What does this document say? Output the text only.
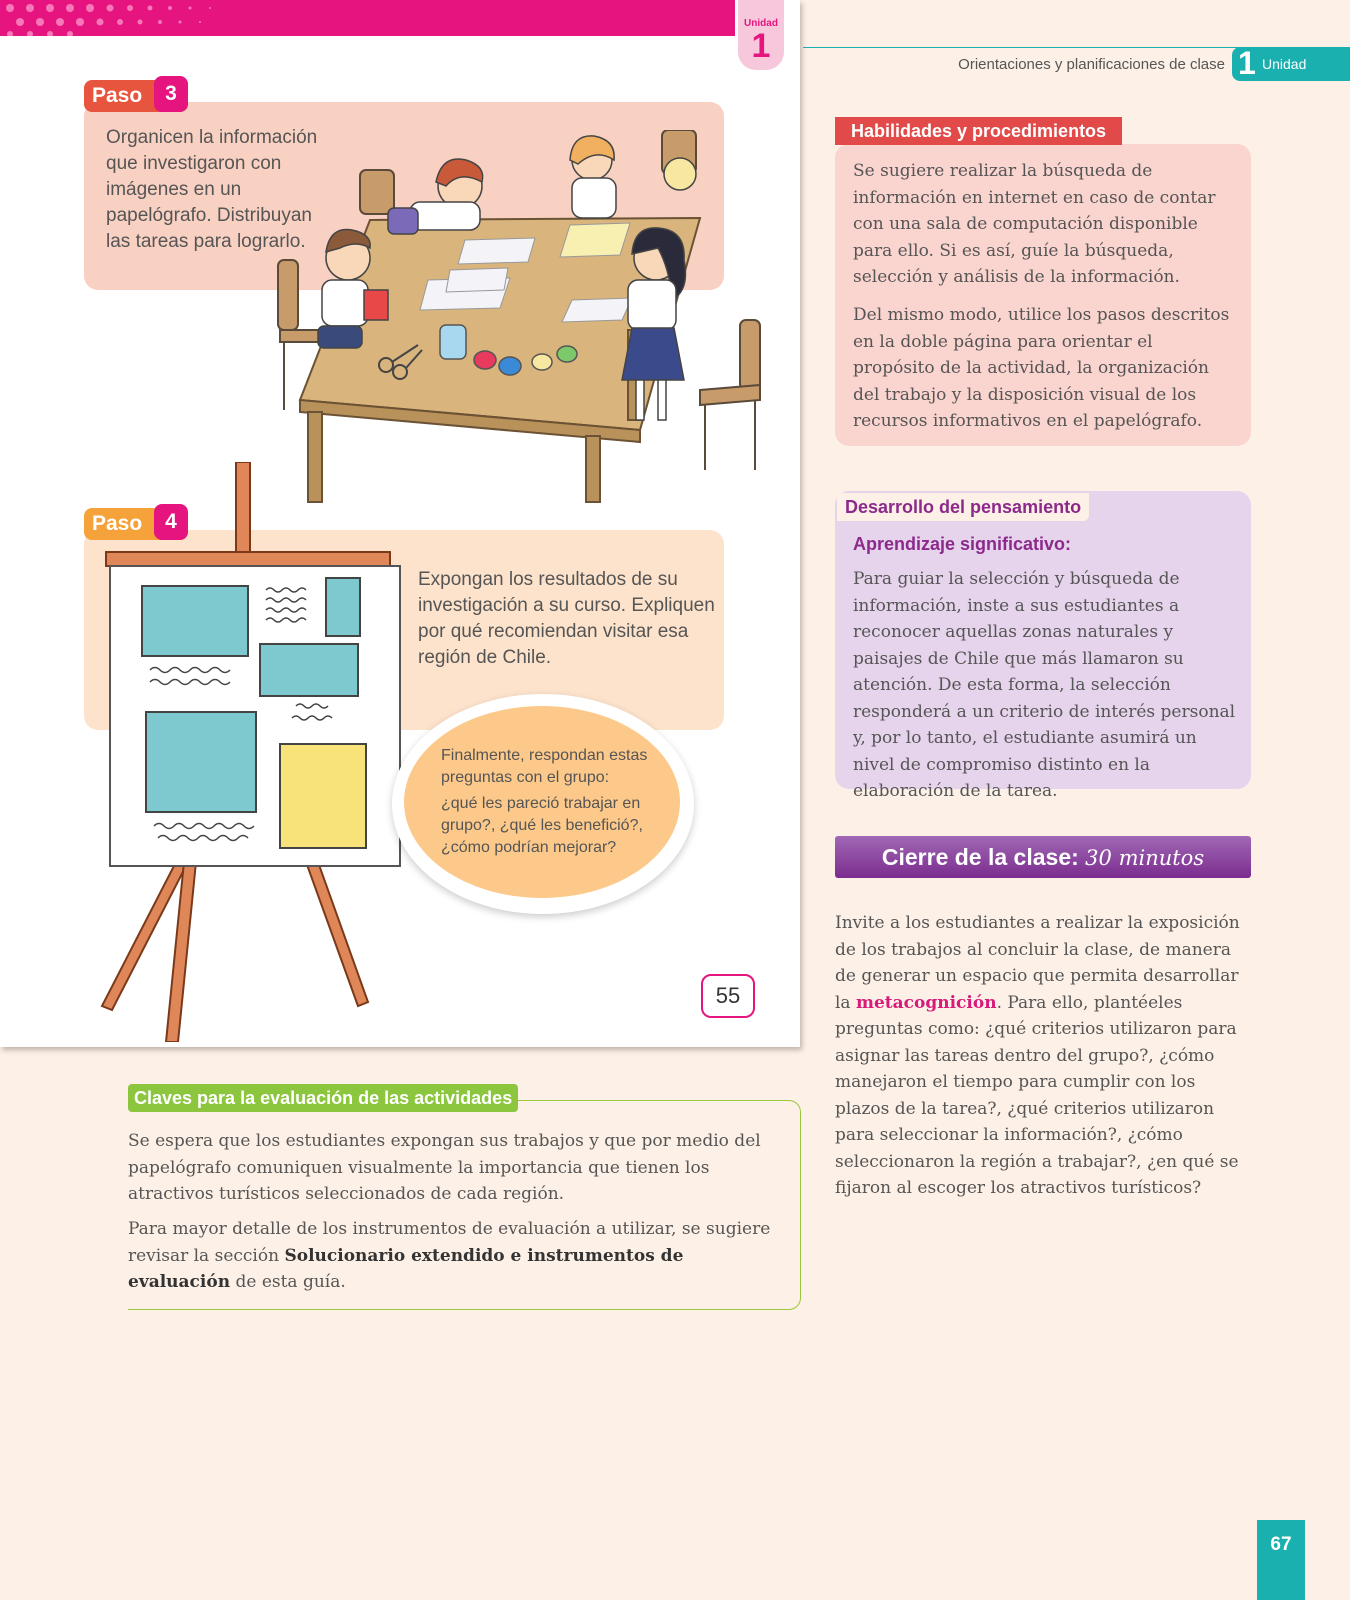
Unidad
1
Paso	3
Organicen la información que investigaron con imágenes en un papelógrafo. Distribuyan las tareas para lograrlo.
Paso	4
Expongan los resultados de su investigación a su curso. Expliquen por qué recomiendan visitar esa región de Chile.
Finalmente, respondan estas preguntas con el grupo:
¿qué les pareció trabajar en grupo?, ¿qué les benefició?, ¿cómo podrían mejorar?
55
Orientaciones y planificaciones de clase 1 Unidad
Habilidades y procedimientos
Se sugiere realizar la búsqueda de información en internet en caso de contar con una sala de computación disponible para ello. Si es así, guíe la búsqueda, selección y análisis de la información.
Del mismo modo, utilice los pasos descritos en la doble página para orientar el propósito de la actividad, la organización del trabajo y la disposición visual de los recursos informativos en el papelógrafo.
Desarrollo del pensamiento
Aprendizaje significativo:
Para guiar la selección y búsqueda de información, inste a sus estudiantes a reconocer aquellas zonas naturales y paisajes de Chile que más llamaron su atención. De esta forma, la selección responderá a un criterio de interés personal y, por lo tanto, el estudiante asumirá un nivel de compromiso distinto en la elaboración de la tarea.
Cierre de la clase: 30 minutos
Invite a los estudiantes a realizar la exposición de los trabajos al concluir la clase, de manera de generar un espacio que permita desarrollar la metacognición. Para ello, plantéeles preguntas como: ¿qué criterios utilizaron para asignar las tareas dentro del grupo?, ¿cómo manejaron el tiempo para cumplir con los plazos de la tarea?, ¿qué criterios utilizaron para seleccionar la información?, ¿cómo seleccionaron la región a trabajar?, ¿en qué se fijaron al escoger los atractivos turísticos?
Claves para la evaluación de las actividades
Se espera que los estudiantes expongan sus trabajos y que por medio del papelógrafo comuniquen visualmente la importancia que tienen los atractivos turísticos seleccionados de cada región.
Para mayor detalle de los instrumentos de evaluación a utilizar, se sugiere revisar la sección Solucionario extendido e instrumentos de evaluación de esta guía.
67
